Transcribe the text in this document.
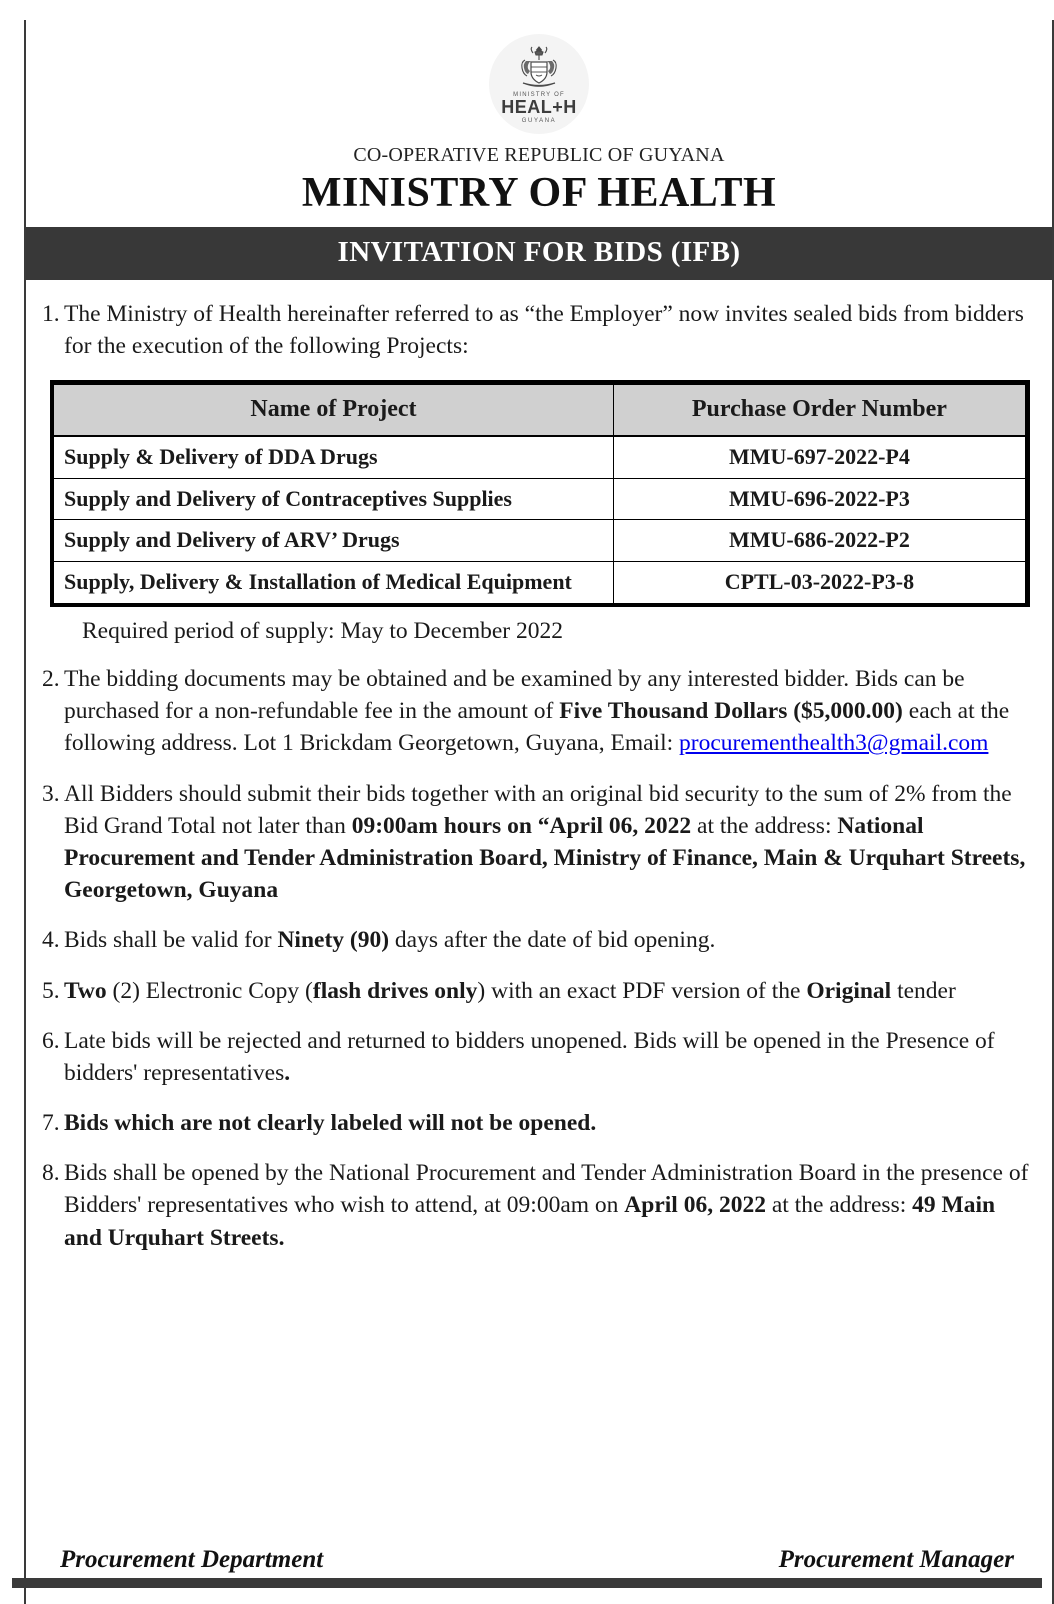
MINISTRY OF
HEAL+H
GUYANA
CO-OPERATIVE REPUBLIC OF GUYANA
MINISTRY OF HEALTH
INVITATION FOR BIDS (IFB)
1. The Ministry of Health hereinafter referred to as “the Employer” now invites sealed bids from bidders for the execution of the following Projects:
Name of Project	Purchase Order Number
Supply & Delivery of DDA Drugs	MMU-697-2022-P4
Supply and Delivery of Contraceptives Supplies	MMU-696-2022-P3
Supply and Delivery of ARV’ Drugs	MMU-686-2022-P2
Supply, Delivery & Installation of Medical Equipment	CPTL-03-2022-P3-8
Required period of supply: May to December 2022
2. The bidding documents may be obtained and be examined by any interested bidder. Bids can be purchased for a non-refundable fee in the amount of Five Thousand Dollars ($5,000.00) each at the following address. Lot 1 Brickdam Georgetown, Guyana, Email: procurementhealth3@gmail.com
3. All Bidders should submit their bids together with an original bid security to the sum of 2% from the Bid Grand Total not later than 09:00am hours on “April 06, 2022 at the address: National Procurement and Tender Administration Board, Ministry of Finance, Main & Urquhart Streets, Georgetown, Guyana
4. Bids shall be valid for Ninety (90) days after the date of bid opening.
5. Two (2) Electronic Copy (flash drives only) with an exact PDF version of the Original tender
6. Late bids will be rejected and returned to bidders unopened. Bids will be opened in the Presence of bidders' representatives.
7. Bids which are not clearly labeled will not be opened.
8. Bids shall be opened by the National Procurement and Tender Administration Board in the presence of Bidders' representatives who wish to attend, at 09:00am on April 06, 2022 at the address: 49 Main and Urquhart Streets.
Procurement Department	Procurement Manager
